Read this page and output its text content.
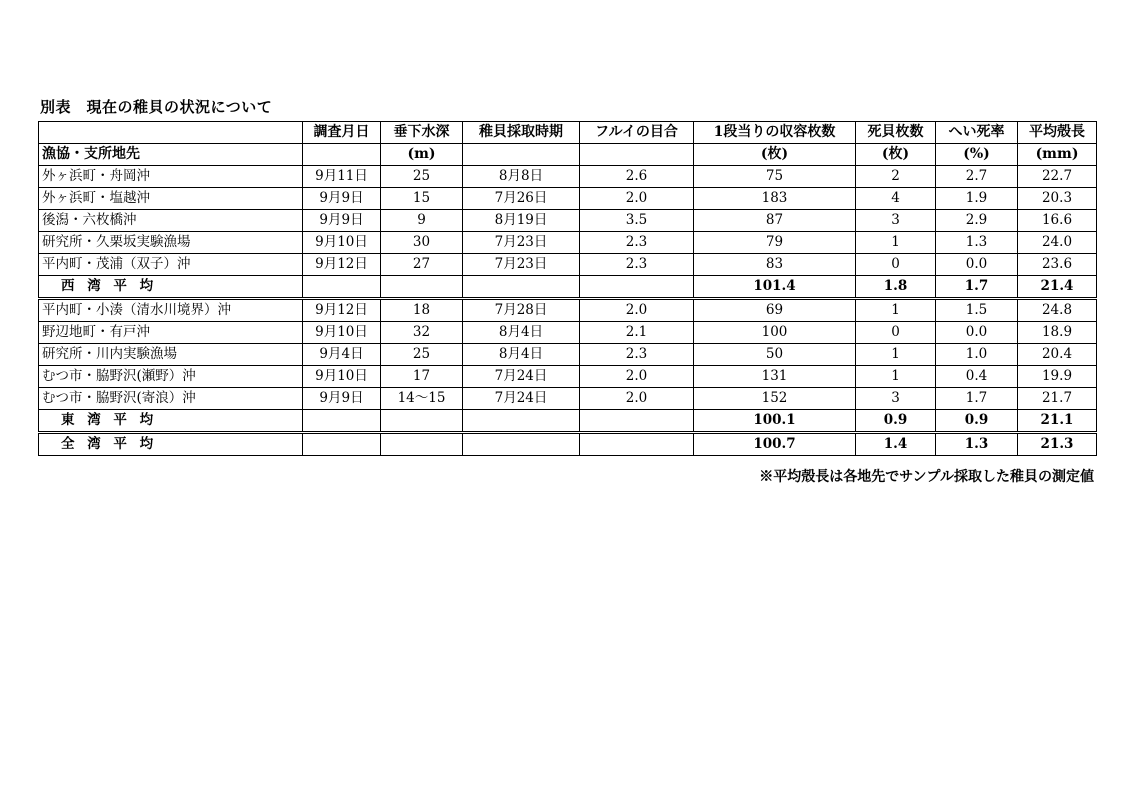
別表　現在の稚貝の状況について
	調査月日	垂下水深	稚貝採取時期	フルイの目合	1段当りの収容枚数	死貝枚数	へい死率	平均殻長
漁協・支所地先		(m)			(枚)	(枚)	(%)	(mm)
外ヶ浜町・舟岡沖	9月11日	25	8月8日	2.6	75	2	2.7	22.7
外ヶ浜町・塩越沖	9月9日	15	7月26日	2.0	183	4	1.9	20.3
後潟・六枚橋沖	9月9日	9	8月19日	3.5	87	3	2.9	16.6
研究所・久栗坂実験漁場	9月10日	30	7月23日	2.3	79	1	1.3	24.0
平内町・茂浦（双子）沖	9月12日	27	7月23日	2.3	83	0	0.0	23.6
西 湾 平 均					101.4	1.8	1.7	21.4
平内町・小湊（清水川境界）沖	9月12日	18	7月28日	2.0	69	1	1.5	24.8
野辺地町・有戸沖	9月10日	32	8月4日	2.1	100	0	0.0	18.9
研究所・川内実験漁場	9月4日	25	8月4日	2.3	50	1	1.0	20.4
むつ市・脇野沢(瀬野）沖	9月10日	17	7月24日	2.0	131	1	0.4	19.9
むつ市・脇野沢(寄浪）沖	9月9日	14～15	7月24日	2.0	152	3	1.7	21.7
東 湾 平 均					100.1	0.9	0.9	21.1
全 湾 平 均					100.7	1.4	1.3	21.3
※平均殻長は各地先でサンプル採取した稚貝の測定値
